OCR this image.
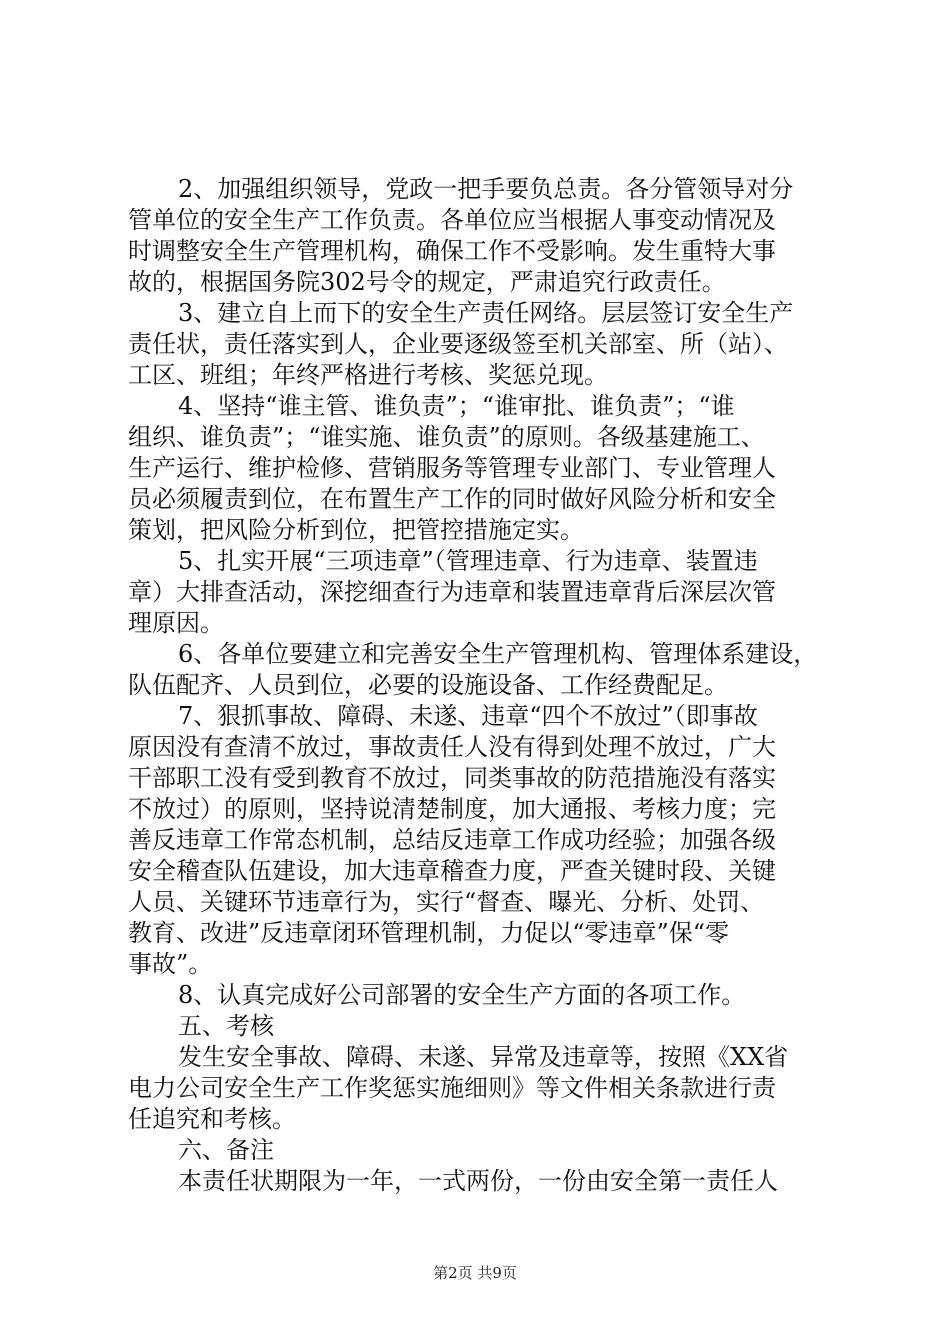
2、加强组织领导，党政一把手要负总责。各分管领导对分
管单位的安全生产工作负责。各单位应当根据人事变动情况及
时调整安全生产管理机构，确保工作不受影响。发生重特大事
故的，根据国务院302号令的规定，严肃追究行政责任。
3、建立自上而下的安全生产责任网络。层层签订安全生产
责任状，责任落实到人，企业要逐级签至机关部室、所（站）、
工区、班组；年终严格进行考核、奖惩兑现。
4、坚持“谁主管、谁负责”；“谁审批、谁负责”；“谁
组织、谁负责”；“谁实施、谁负责”的原则。各级基建施工、
生产运行、维护检修、营销服务等管理专业部门、专业管理人
员必须履责到位，在布置生产工作的同时做好风险分析和安全
策划，把风险分析到位，把管控措施定实。
5、扎实开展“三项违章”（管理违章、行为违章、装置违
章）大排查活动，深挖细查行为违章和装置违章背后深层次管
理原因。
6、各单位要建立和完善安全生产管理机构、管理体系建设，
队伍配齐、人员到位，必要的设施设备、工作经费配足。
7、狠抓事故、障碍、未遂、违章“四个不放过”（即事故
原因没有查清不放过，事故责任人没有得到处理不放过，广大
干部职工没有受到教育不放过，同类事故的防范措施没有落实
不放过）的原则，坚持说清楚制度，加大通报、考核力度；完
善反违章工作常态机制，总结反违章工作成功经验；加强各级
安全稽查队伍建设，加大违章稽查力度，严查关键时段、关键
人员、关键环节违章行为，实行“督查、曝光、分析、处罚、
教育、改进”反违章闭环管理机制，力促以“零违章”保“零
事故”。
8、认真完成好公司部署的安全生产方面的各项工作。
五、考核
发生安全事故、障碍、未遂、异常及违章等，按照《XX省
电力公司安全生产工作奖惩实施细则》等文件相关条款进行责
任追究和考核。
六、备注
本责任状期限为一年，一式两份，一份由安全第一责任人
第2页 共9页
